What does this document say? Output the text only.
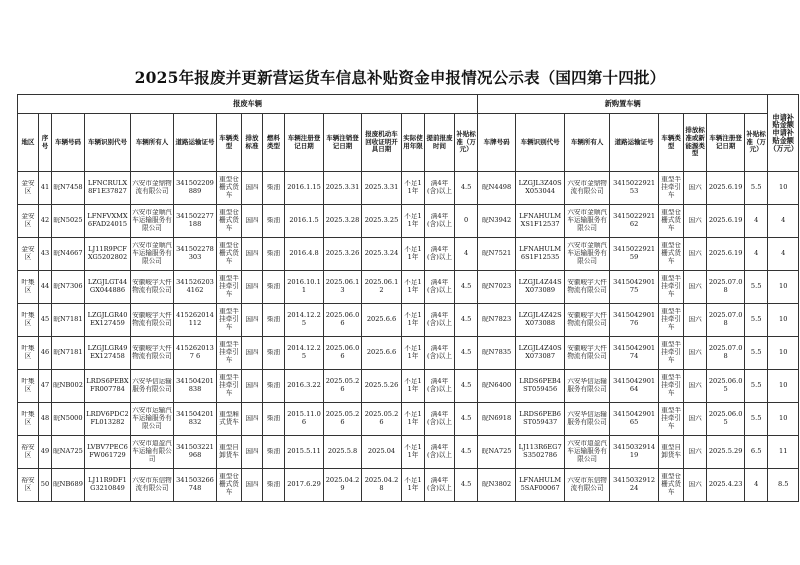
2025年报废并更新营运货车信息补贴资金申报情况公示表（国四第十四批）
报废车辆															新购置车辆								申请补贴金额
申请补贴金额（万元）
地区	序号	车辆号码	车辆识别代号	车辆所有人	道路运输证号	车辆类型	排放标准	燃料类型	车辆注册登记日期	车辆注销登记日期	报废机动车回收证明开具日期	实际使用年限	提前报废时间	补贴标准（万元）	车牌号码	车辆识别代号	车辆所有人	道路运输证号	车辆类型	排放标准或新能源类型	车辆注册登记日期	补贴标准（万元）	

金安区	41	皖N7458	LFNCRULX8F1E37827	六安市金鼎物流有限公司	341502209889	重型仓栅式货车	国四	柴油	2016.1.15	2025.3.31	2025.3.31	不足11年	满4年(含)以上	4.5	皖N4498	LZGJL3Z40SX053044	六安市金鼎物流有限公司	341502292153	重型半挂牵引车	国六	2025.6.19	5.5	10

金安区	42	皖N5025	LFNFVXMX6FAD24015	六安市金顺汽车运输服务有限公司	341502277188	重型仓栅式货车	国四	柴油	2016.1.5	2025.3.28	2025.3.25	不足11年	满4年(含)以上	0	皖N3942	LFNAHULMXS1F12537	六安市金顺汽车运输服务有限公司	341502292162	重型仓栅式货车	国六	2025.6.19	4	4

金安区	43	皖N4667	LJ11R9PCFXG5202802	六安市金顺汽车运输服务有限公司	341502278303	重型仓栅式货车	国四	柴油	2016.4.8	2025.3.26	2025.3.24	不足11年	满4年(含)以上	4	皖N7521	LFNAHULM6S1F12535	六安市金顺汽车运输服务有限公司	341502292159	重型仓栅式货车	国六	2025.6.19	4	4

叶集区	44	皖N7306	LZGJLGT44GX044886	安徽峻宇大件物流有限公司	3415262034162	重型半挂牵引车	国四	柴油	2016.10.11	2025.06.13	2025.06.12	不足11年	满4年(含)以上	4.5	皖N7023	LZGJL4Z44SX073089	安徽峻宇大件物流有限公司	341504290175	重型半挂牵引车	国六	2025.07.08	5.5	10

叶集区	45	皖N7181	LZGJLGR40EX127459	安徽峻宇大件物流有限公司	415262014112	重型半挂牵引车	国四	柴油	2014.12.25	2025.06.06	2025.6.6	不足11年	满4年(含)以上	4.5	皖N7823	LZGJL4Z42SX073088	安徽峻宇大件物流有限公司	341504290176	重型半挂牵引车	国六	2025.07.08	5.5	10

叶集区	46	皖N7181	LZGJLGR49EX127458	安徽峻宇大件物流有限公司	4152620137 6	重型半挂牵引车	国四	柴油	2014.12.25	2025.06.06	2025.6.6	不足11年	满4年(含)以上	4.5	皖N7835	LZGJL4Z40SX073087	安徽峻宇大件物流有限公司	341504290174	重型半挂牵引车	国六	2025.07.08	5.5	10

叶集区	47	皖NB002	LRDS6PEBXFR007784	六安华信运输服务有限公司	341504201838	重型半挂牵引车	国四	柴油	2016.3.22	2025.05.26	2025.5.26	不足11年	满4年(含)以上	4.5	皖N6400	LRDS6PEB4ST059456	六安华信运输服务有限公司	341504290164	重型半挂牵引车	国六	2025.06.05	5.5	10

叶集区	48	皖N5000	LRDV6PDC2FL013282	六安市运输汽车运输服务有限公司	341504201832	重型厢式货车	国四	柴油	2015.11.06	2025.05.26	2025.05.26	不足11年	满4年(含)以上	4.5	皖N6918	LRDS6PEB6ST059437	六安华信运输服务有限公司	341504290165	重型半挂牵引车	国六	2025.06.05	5.5	10

裕安区	49	皖NA725	LVBV7PEC6FW061729	六安市道盈汽车运输有限公司	341503221968	重型自卸货车	国四	柴油	2015.5.11	2025.5.8	2025.04	不足11年	满4年(含)以上	4.5	皖NA725	LJ113R6EG7S3502786	六安市道盈汽车运输服务有限公司	341503291419	重型自卸货车	国六	2025.5.29	6.5	11

裕安区	50	皖NB689	LJ11R9DF1G3210849	六安市东信物流有限公司	341503266748	重型仓栅式货车	国四	柴油	2017.6.29	2025.04.29	2025.04.28	不足11年	满4年(含)以上	4.5	皖N3802	LFNAHULM5SAF00067	六安市东信物流有限公司	341503291224	重型仓栅式货车	国六	2025.4.23	4	8.5
